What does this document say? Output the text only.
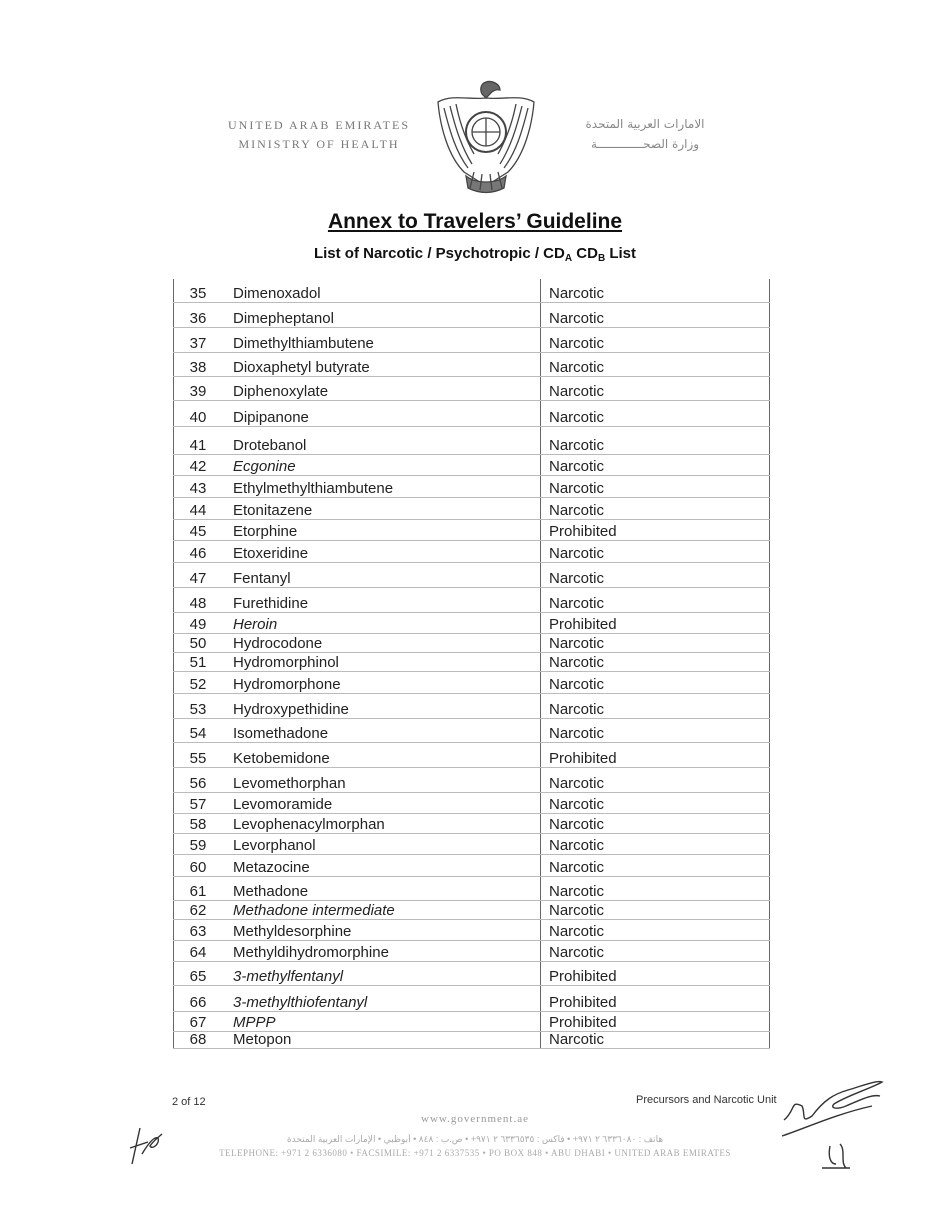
UNITED ARAB EMIRATES
MINISTRY OF HEALTH
الامارات العربية المتحدة
وزارة الصحـــــــــــــة
Annex to Travelers’ Guideline
List of Narcotic / Psychotropic / $CD_A$ $CD_B$ List
35	Dimenoxadol	Narcotic
36	Dimepheptanol	Narcotic
37	Dimethylthiambutene	Narcotic
38	Dioxaphetyl butyrate	Narcotic
39	Diphenoxylate	Narcotic
40	Dipipanone	Narcotic
41	Drotebanol	Narcotic
42	Ecgonine	Narcotic
43	Ethylmethylthiambutene	Narcotic
44	Etonitazene	Narcotic
45	Etorphine	Prohibited
46	Etoxeridine	Narcotic
47	Fentanyl	Narcotic
48	Furethidine	Narcotic
49	Heroin	Prohibited
50	Hydrocodone	Narcotic
51	Hydromorphinol	Narcotic
52	Hydromorphone	Narcotic
53	Hydroxypethidine	Narcotic
54	Isomethadone	Narcotic
55	Ketobemidone	Prohibited
56	Levomethorphan	Narcotic
57	Levomoramide	Narcotic
58	Levophenacylmorphan	Narcotic
59	Levorphanol	Narcotic
60	Metazocine	Narcotic
61	Methadone	Narcotic
62	Methadone intermediate	Narcotic
63	Methyldesorphine	Narcotic
64	Methyldihydromorphine	Narcotic
65	3-methylfentanyl	Prohibited
66	3-methylthiofentanyl	Prohibited
67	MPPP	Prohibited
68	Metopon	Narcotic
2 of 12	Precursors and Narcotic Unit
www.government.ae
هاتف : ٦٣٣٦٠٨٠ ٢ ٩٧١+ • فاكس : ٦٣٣٦٥٣٥ ٢ ٩٧١+ • ص.ب : ٨٤٨ • أبوظبي • الإمارات العربية المتحدة
TELEPHONE: +971 2 6336080 • FACSIMILE: +971 2 6337535 • PO BOX 848 • ABU DHABI • UNITED ARAB EMIRATES
